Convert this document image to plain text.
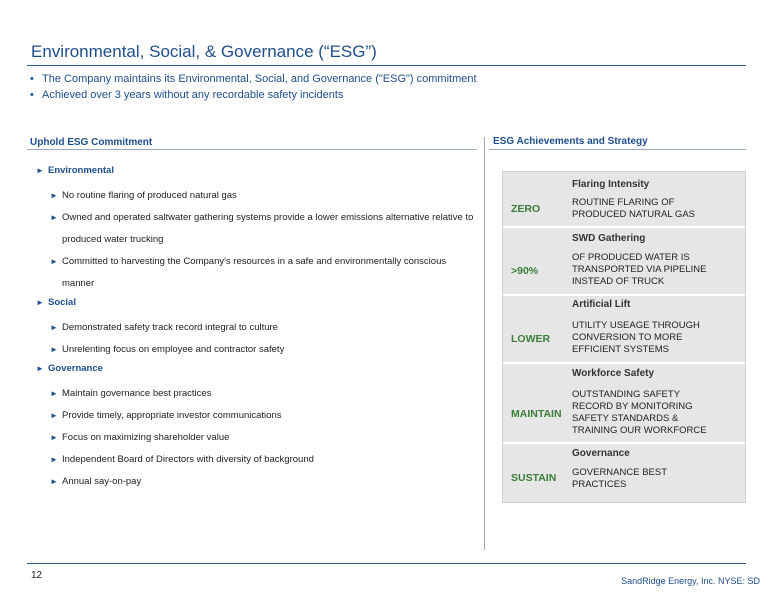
Environmental, Social, & Governance (“ESG”)
• The Company maintains its Environmental, Social, and Governance ("ESG") commitment
• Achieved over 3 years without any recordable safety incidents
Uphold ESG Commitment
► Environmental
► No routine flaring of produced natural gas
► Owned and operated saltwater gathering systems provide a lower emissions alternative relative to produced water trucking
► Committed to harvesting the Company's resources in a safe and environmentally conscious manner
► Social
► Demonstrated safety track record integral to culture
► Unrelenting focus on employee and contractor safety
► Governance
► Maintain governance best practices
► Provide timely, appropriate investor communications
► Focus on maximizing shareholder value
► Independent Board of Directors with diversity of background
► Annual say-on-pay
ESG Achievements and Strategy
Flaring Intensity
ZERO
ROUTINE FLARING OF PRODUCED NATURAL GAS
SWD Gathering
>90%
OF PRODUCED WATER IS TRANSPORTED VIA PIPELINE INSTEAD OF TRUCK
Artificial Lift
LOWER
UTILITY USEAGE THROUGH CONVERSION TO MORE EFFICIENT SYSTEMS
Workforce Safety
MAINTAIN
OUTSTANDING SAFETY RECORD BY MONITORING SAFETY STANDARDS & TRAINING OUR WORKFORCE
Governance
SUSTAIN GOVERNANCE BEST PRACTICES
12	SandRidge Energy, Inc. NYSE: SD
